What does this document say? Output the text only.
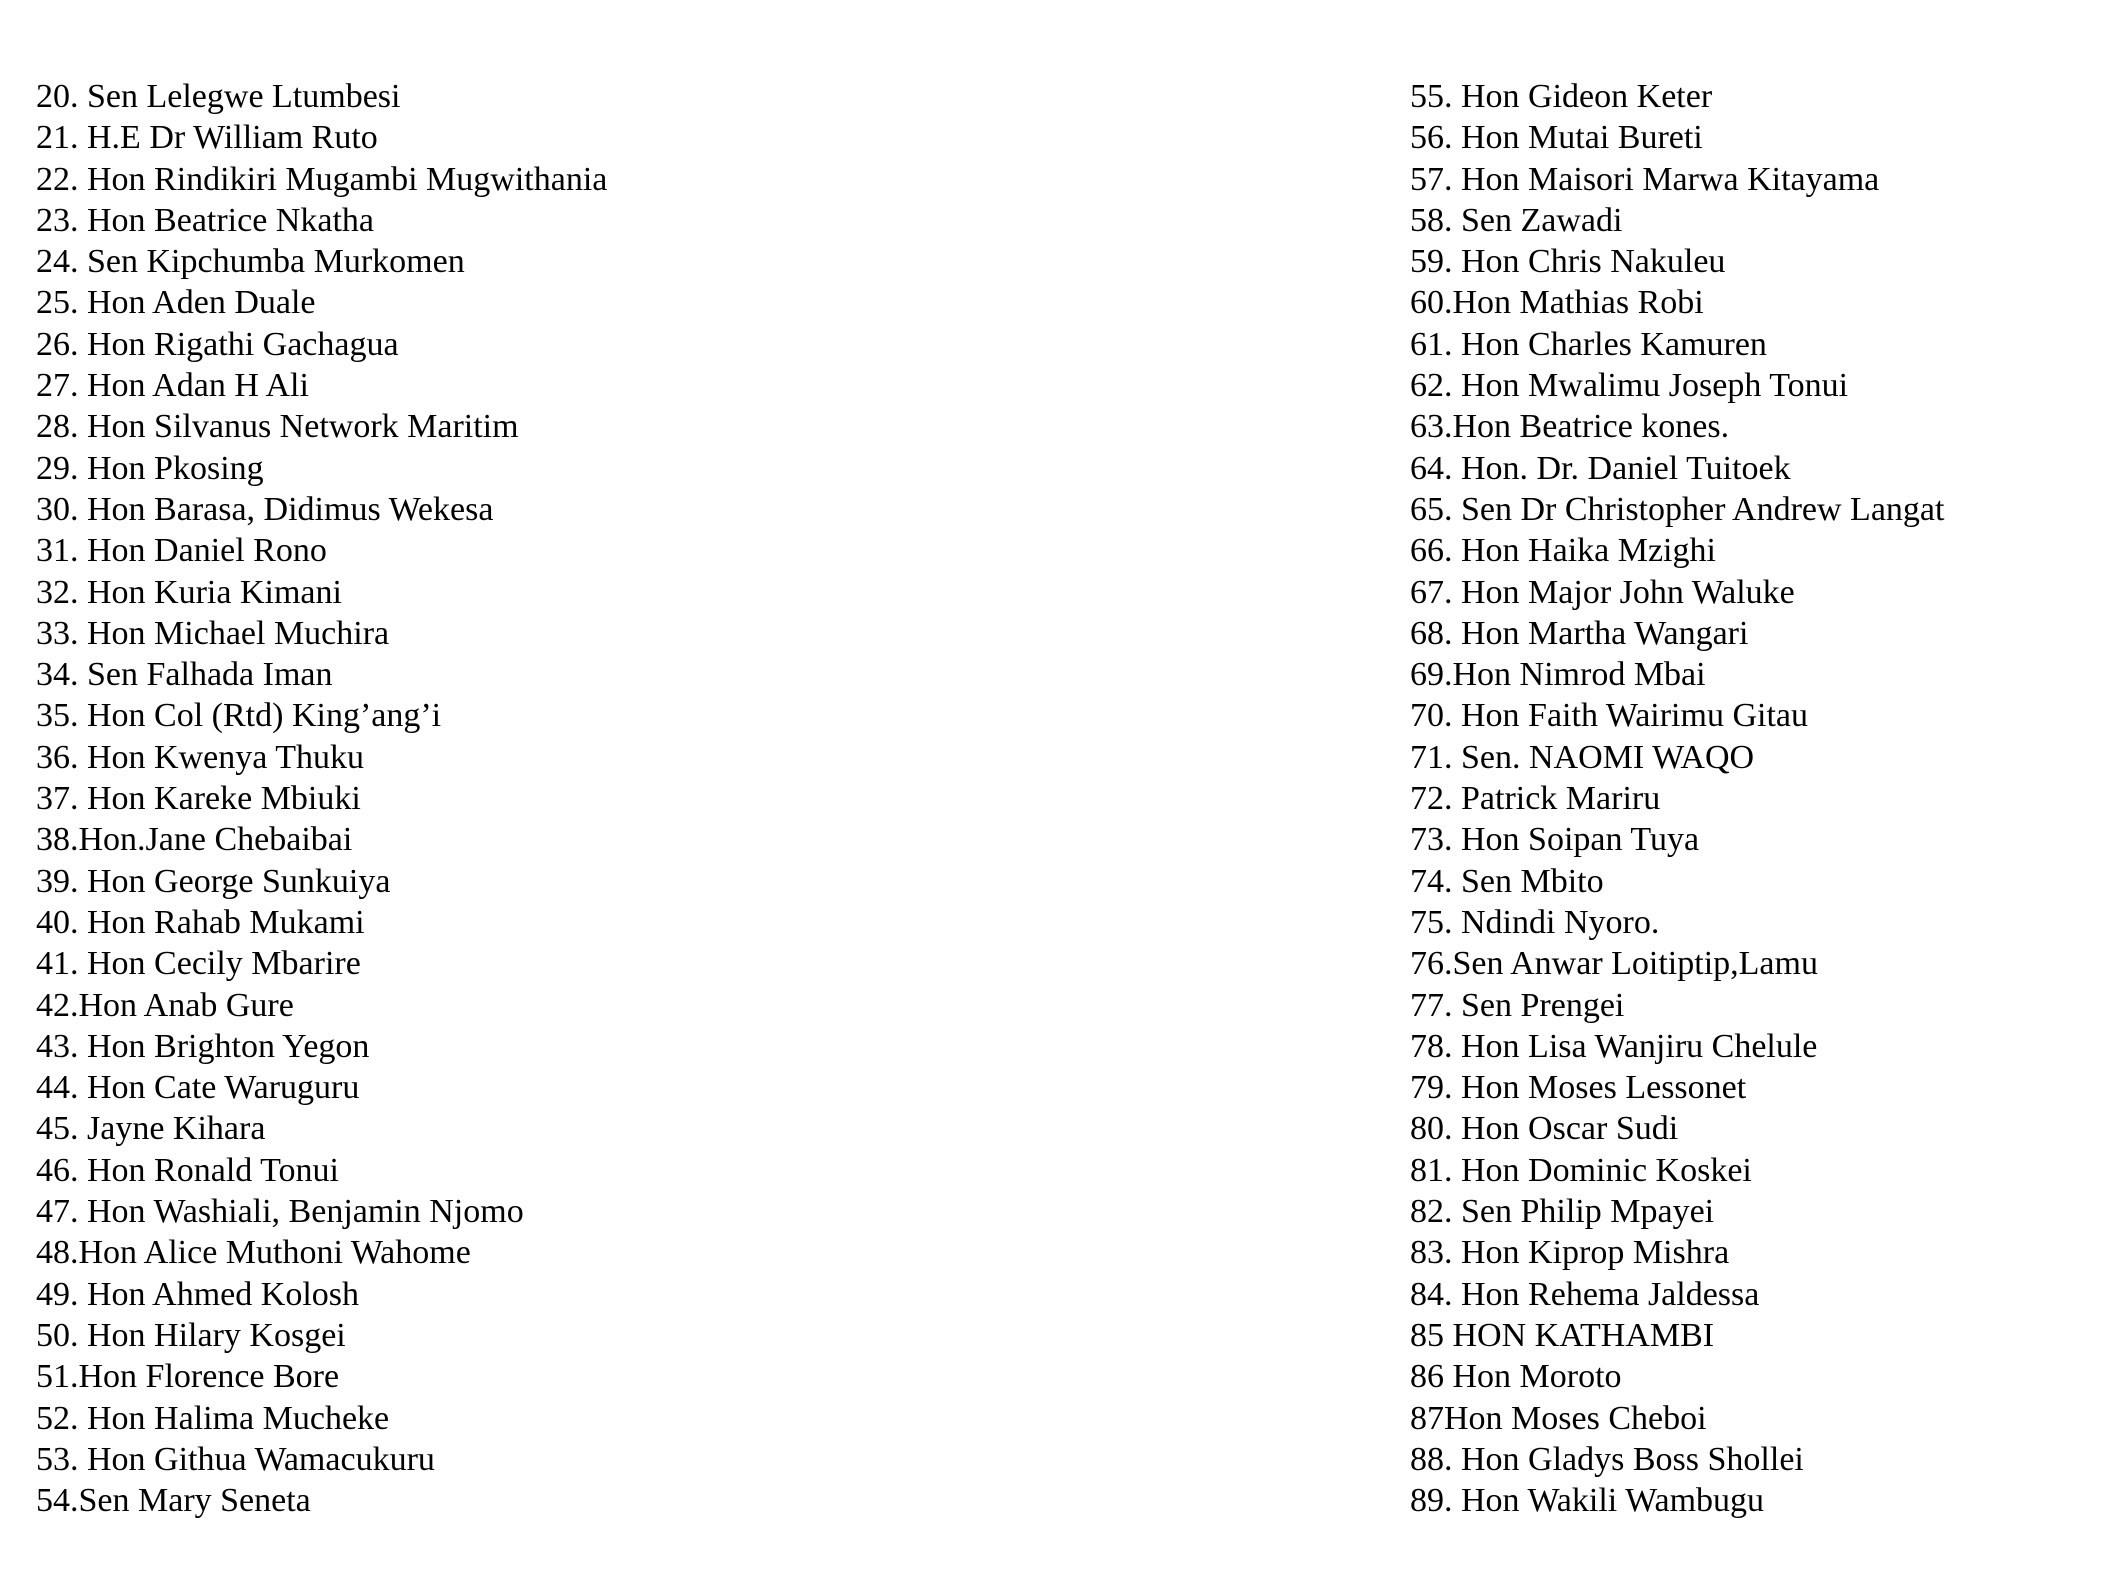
20. Sen Lelegwe Ltumbesi
21. H.E Dr William Ruto
22. Hon Rindikiri Mugambi Mugwithania
23. Hon Beatrice Nkatha
24. Sen Kipchumba Murkomen
25. Hon Aden Duale
26. Hon Rigathi Gachagua
27. Hon Adan H Ali
28. Hon Silvanus Network Maritim
29. Hon Pkosing
30. Hon Barasa, Didimus Wekesa
31. Hon Daniel Rono
32. Hon Kuria Kimani
33. Hon Michael Muchira
34. Sen Falhada Iman
35. Hon Col (Rtd) King’ang’i
36. Hon Kwenya Thuku
37. Hon Kareke Mbiuki
38.Hon.Jane Chebaibai
39. Hon George Sunkuiya
40. Hon Rahab Mukami
41. Hon Cecily Mbarire
42.Hon Anab Gure
43. Hon Brighton Yegon
44. Hon Cate Waruguru
45. Jayne Kihara
46. Hon Ronald Tonui
47. Hon Washiali, Benjamin Njomo
48.Hon Alice Muthoni Wahome
49. Hon Ahmed Kolosh
50. Hon Hilary Kosgei
51.Hon Florence Bore
52. Hon Halima Mucheke
53. Hon Githua Wamacukuru
54.Sen Mary Seneta
55. Hon Gideon Keter
56. Hon Mutai Bureti
57. Hon Maisori Marwa Kitayama
58. Sen Zawadi
59. Hon Chris Nakuleu
60.Hon Mathias Robi
61. Hon Charles Kamuren
62. Hon Mwalimu Joseph Tonui
63.Hon Beatrice kones.
64. Hon. Dr. Daniel Tuitoek
65. Sen Dr Christopher Andrew Langat
66. Hon Haika Mzighi
67. Hon Major John Waluke
68. Hon Martha Wangari
69.Hon Nimrod Mbai
70. Hon Faith Wairimu Gitau
71. Sen. NAOMI WAQO
72. Patrick Mariru
73. Hon Soipan Tuya
74. Sen Mbito
75. Ndindi Nyoro.
76.Sen Anwar Loitiptip,Lamu
77. Sen Prengei
78. Hon Lisa Wanjiru Chelule
79. Hon Moses Lessonet
80. Hon Oscar Sudi
81. Hon Dominic Koskei
82. Sen Philip Mpayei
83. Hon Kiprop Mishra
84. Hon Rehema Jaldessa
85 HON KATHAMBI
86 Hon Moroto
87Hon Moses Cheboi
88. Hon Gladys Boss Shollei
89. Hon Wakili Wambugu
